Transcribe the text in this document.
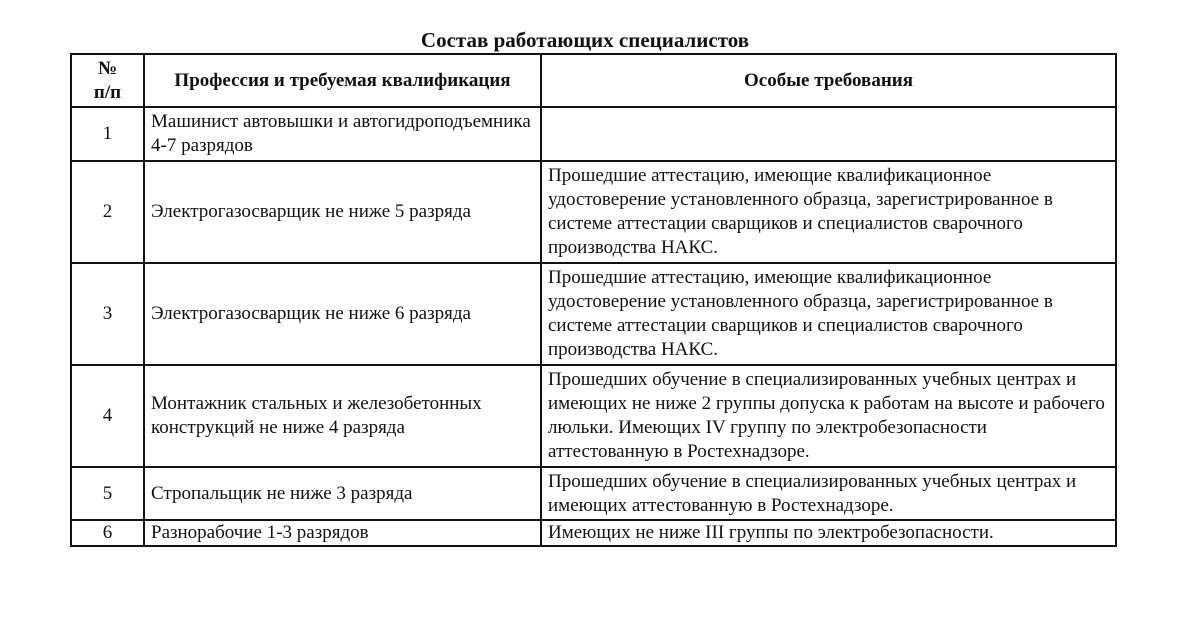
Состав работающих специалистов
№
п/п	Профессия и требуемая квалификация	Особые требования
1	Машинист автовышки и автогидроподъемника 4-7 разрядов	
2	Электрогазосварщик не ниже 5 разряда	Прошедшие аттестацию, имеющие квалификационное удостоверение установленного образца, зарегистрированное в системе аттестации сварщиков и специалистов сварочного производства НАКС.
3	Электрогазосварщик не ниже 6 разряда	Прошедшие аттестацию, имеющие квалификационное удостоверение установленного образца, зарегистрированное в системе аттестации сварщиков и специалистов сварочного производства НАКС.
4	Монтажник стальных и железобетонных конструкций не ниже 4 разряда	Прошедших обучение в специализированных учебных центрах и имеющих не ниже 2 группы допуска к работам на высоте и рабочего люльки. Имеющих IV группу по электробезопасности аттестованную в Ростехнадзоре.
5	Стропальщик не ниже 3 разряда	Прошедших обучение в специализированных учебных центрах и имеющих аттестованную в Ростехнадзоре.
6	Разнорабочие 1-3 разрядов	Имеющих не ниже III группы по электробезопасности.
